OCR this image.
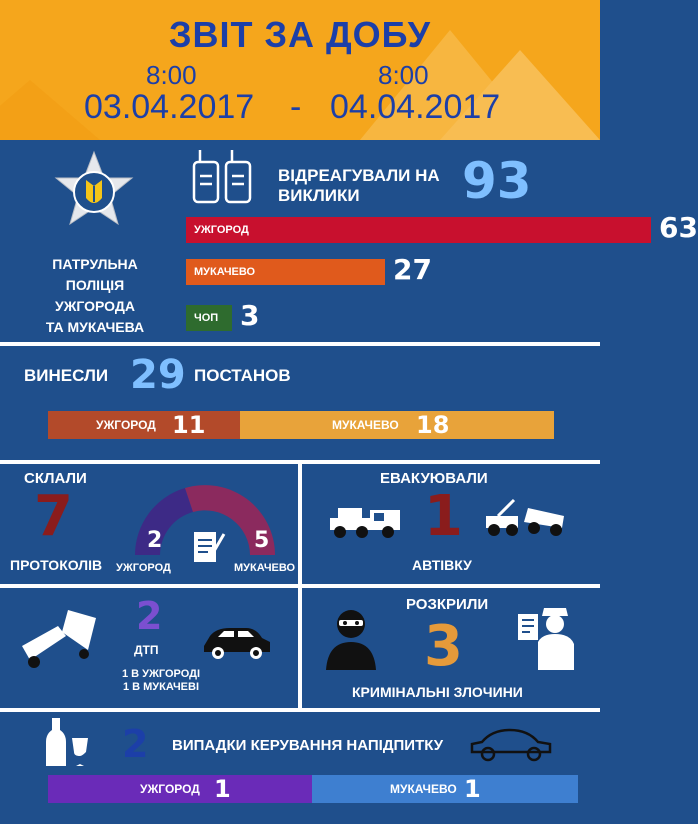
ЗВІТ ЗА ДОБУ
8:00	8:00
03.04.2017 - 04.04.2017
ПАТРУЛЬНА
ПОЛІЦІЯ
УЖГОРОДА
ТА МУКАЧЕВА
ВІДРЕАГУВАЛИ НА
ВИКЛИКИ	93
УЖГОРОД	63
МУКАЧЕВО	27
ЧОП 3
ВИНЕСЛИ 29 ПОСТАНОВ
УЖГОРОД 11	МУКАЧЕВО 18
СКЛАЛИ
7
ПРОТОКОЛІВ
2	5
УЖГОРОД	МУКАЧЕВО
ЕВАКУЮВАЛИ
1
АВТІВКУ
2
ДТП
1 В УЖГОРОДІ
1 В МУКАЧЕВІ
РОЗКРИЛИ
3
КРИМІНАЛЬНІ ЗЛОЧИНИ
2 ВИПАДКИ КЕРУВАННЯ НАПІДПИТКУ
УЖГОРОД 1	МУКАЧЕВО 1
